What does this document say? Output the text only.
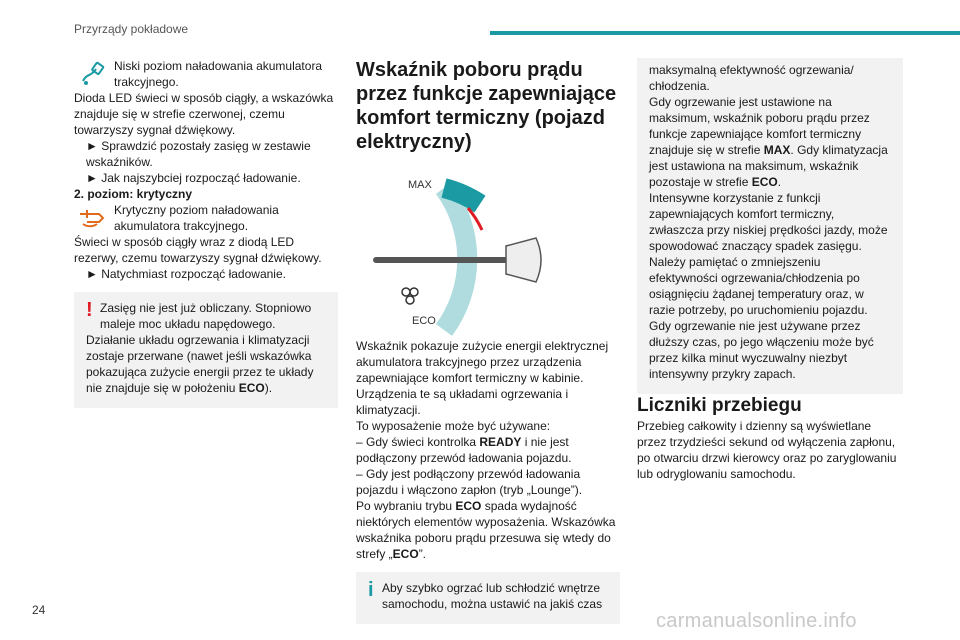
Przyrządy pokładowe

Niski poziom naładowania akumulatora trakcyjnego.

Dioda LED świeci w sposób ciągły, a wskazówka znajduje się w strefie czerwonej, czemu towarzyszy sygnał dźwiękowy.

► Sprawdzić pozostały zasięg w zestawie wskaźników.

► Jak najszybciej rozpocząć ładowanie.

2. poziom: krytyczny

Krytyczny poziom naładowania akumulatora trakcyjnego.

Świeci w sposób ciągły wraz z diodą LED rezerwy, czemu towarzyszy sygnał dźwiękowy.

► Natychmiast rozpocząć ładowanie.

! Zasięg nie jest już obliczany. Stopniowo maleje moc układu napędowego.

Działanie układu ogrzewania i klimatyzacji zostaje przerwane (nawet jeśli wskazówka pokazująca zużycie energii przez te układy nie znajduje się w położeniu ECO).

Wskaźnik poboru prądu przez funkcje zapewniające komfort termiczny (pojazd elektryczny)
MAX
ECO

Wskaźnik pokazuje zużycie energii elektrycznej akumulatora trakcyjnego przez urządzenia zapewniające komfort termiczny w kabinie.

Urządzenia te są układami ogrzewania i klimatyzacji.

To wyposażenie może być używane:

– Gdy świeci kontrolka READY i nie jest podłączony przewód ładowania pojazdu.

– Gdy jest podłączony przewód ładowania pojazdu i włączono zapłon (tryb „Lounge”).

Po wybraniu trybu ECO spada wydajność niektórych elementów wyposażenia. Wskazówka wskaźnika poboru prądu przesuwa się wtedy do strefy „ECO”.

i Aby szybko ogrzać lub schłodzić wnętrze samochodu, można ustawić na jakiś czas

maksymalną efektywność ogrzewania/ chłodzenia.

Gdy ogrzewanie jest ustawione na maksimum, wskaźnik poboru prądu przez funkcje zapewniające komfort termiczny znajduje się w strefie MAX. Gdy klimatyzacja jest ustawiona na maksimum, wskaźnik pozostaje w strefie ECO.

Intensywne korzystanie z funkcji zapewniających komfort termiczny, zwłaszcza przy niskiej prędkości jazdy, może spowodować znaczący spadek zasięgu.

Należy pamiętać o zmniejszeniu efektywności ogrzewania/chłodzenia po osiągnięciu żądanej temperatury oraz, w razie potrzeby, po uruchomieniu pojazdu.

Gdy ogrzewanie nie jest używane przez dłuższy czas, po jego włączeniu może być przez kilka minut wyczuwalny niezbyt intensywny przykry zapach.

Liczniki przebiegu

Przebieg całkowity i dzienny są wyświetlane przez trzydzieści sekund od wyłączenia zapłonu, po otwarciu drzwi kierowcy oraz po zaryglowaniu lub odryglowaniu samochodu.

24	carmanualsonline.info
